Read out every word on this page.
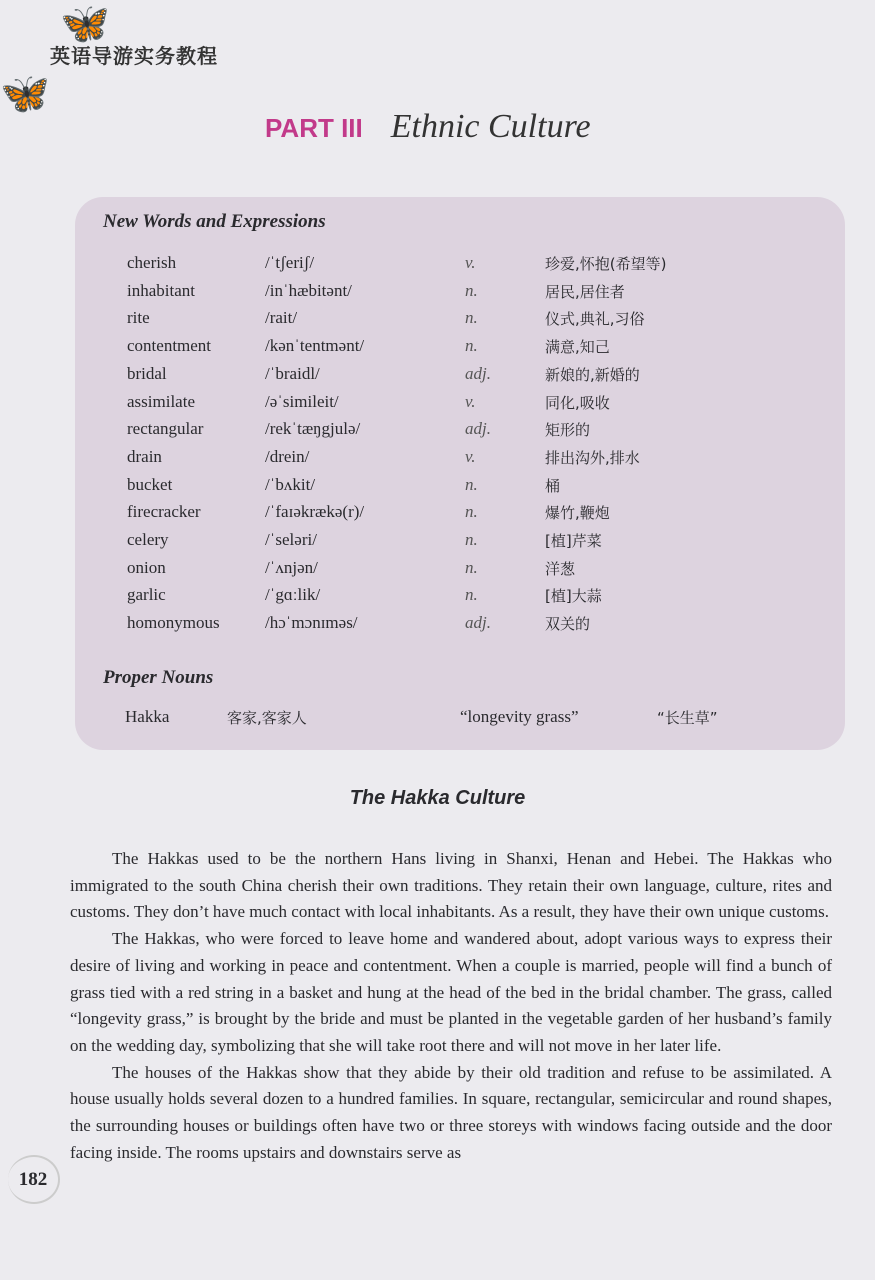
🦋
🦋
英语导游实务教程
PART III Ethnic Culture
New Words and Expressions
cherish	/ˈtʃeriʃ/	v.	珍爱,怀抱(希望等)
inhabitant	/inˈhæbitənt/	n.	居民,居住者
rite	/rait/	n.	仪式,典礼,习俗
contentment	/kənˈtentmənt/	n.	满意,知己
bridal	/ˈbraidl/	adj.	新娘的,新婚的
assimilate	/əˈsimileit/	v.	同化,吸收
rectangular	/rekˈtæŋgjulə/	adj.	矩形的
drain	/drein/	v.	排出沟外,排水
bucket	/ˈbʌkit/	n.	桶
firecracker	/ˈfaɪəkrækə(r)/	n.	爆竹,鞭炮
celery	/ˈseləri/	n.	[植]芹菜
onion	/ˈʌnjən/	n.	洋葱
garlic	/ˈgɑːlik/	n.	[植]大蒜
homonymous	/hɔˈmɔnɪməs/	adj.	双关的
Proper Nouns
Hakka	客家,客家人	“longevity grass”	“长生草”
The Hakka Culture

The Hakkas used to be the northern Hans living in Shanxi, Henan and Hebei. The Hakkas who immigrated to the south China cherish their own traditions. They retain their own language, culture, rites and customs. They don’t have much contact with local inhabitants. As a result, they have their own unique customs.

The Hakkas, who were forced to leave home and wandered about, adopt various ways to express their desire of living and working in peace and contentment. When a couple is married, people will find a bunch of grass tied with a red string in a basket and hung at the head of the bed in the bridal chamber. The grass, called “longevity grass,” is brought by the bride and must be planted in the vegetable garden of her husband’s family on the wedding day, symbolizing that she will take root there and will not move in her later life.

The houses of the Hakkas show that they abide by their old tradition and refuse to be assimilated. A house usually holds several dozen to a hundred families. In square, rectangular, semicircular and round shapes, the surrounding houses or buildings often have two or three storeys with windows facing outside and the door facing inside. The rooms upstairs and downstairs serve as

182
